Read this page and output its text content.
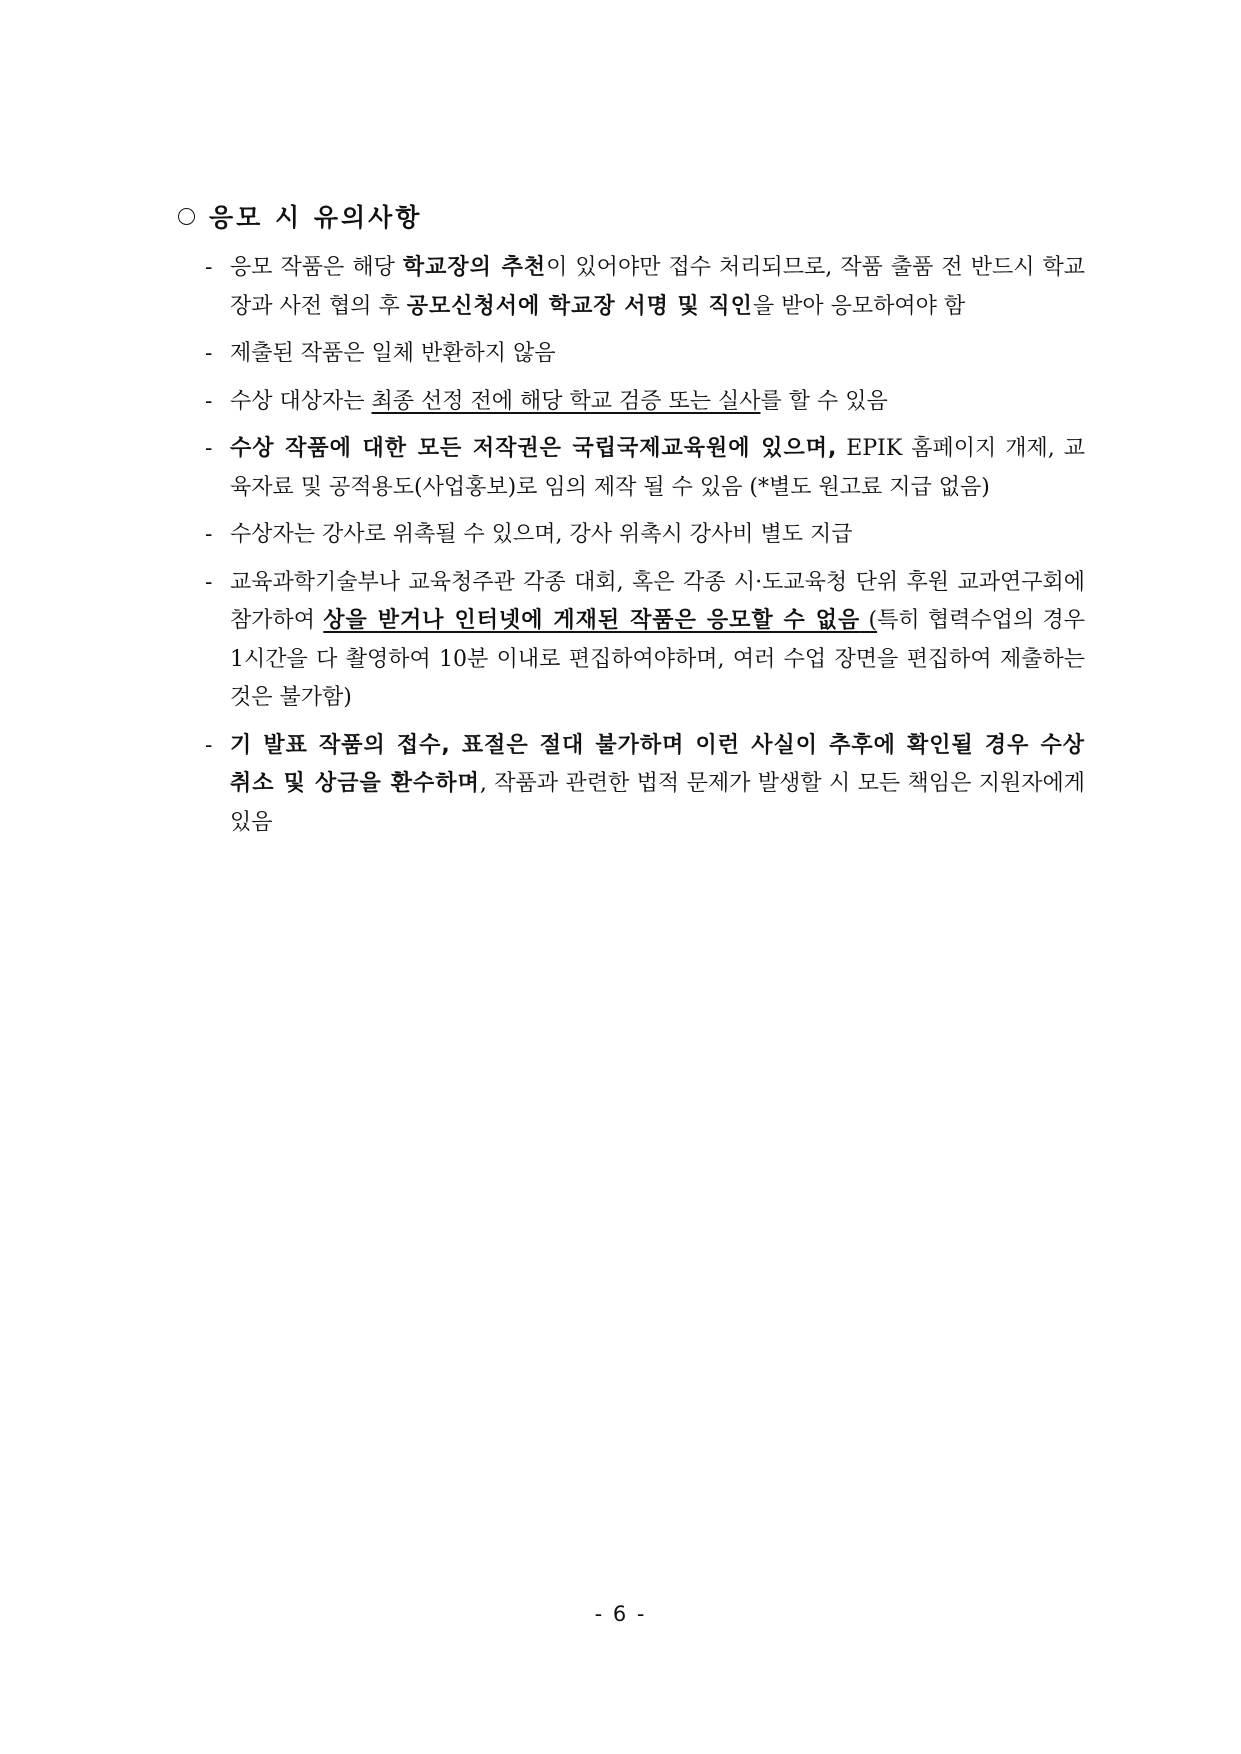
응모 시 유의사항
- 응모 작품은 해당 학교장의 추천이 있어야만 접수 처리되므로, 작품 출품 전 반드시 학교장과 사전 협의 후 공모신청서에 학교장 서명 및 직인을 받아 응모하여야 함
- 제출된 작품은 일체 반환하지 않음
- 수상 대상자는 최종 선정 전에 해당 학교 검증 또는 실사를 할 수 있음
- 수상 작품에 대한 모든 저작권은 국립국제교육원에 있으며, EPIK 홈페이지 개제, 교육자료 및 공적용도(사업홍보)로 임의 제작 될 수 있음 (*별도 원고료 지급 없음)
- 수상자는 강사로 위촉될 수 있으며, 강사 위촉시 강사비 별도 지급
- 교육과학기술부나 교육청주관 각종 대회, 혹은 각종 시·도교육청 단위 후원 교과연구회에 참가하여 상을 받거나 인터넷에 게재된 작품은 응모할 수 없음 (특히 협력수업의 경우 1시간을 다 촬영하여 10분 이내로 편집하여야하며, 여러 수업 장면을 편집하여 제출하는 것은 불가함)
- 기 발표 작품의 접수, 표절은 절대 불가하며 이런 사실이 추후에 확인될 경우 수상 취소 및 상금을 환수하며, 작품과 관련한 법적 문제가 발생할 시 모든 책임은 지원자에게 있음
- 6 -
